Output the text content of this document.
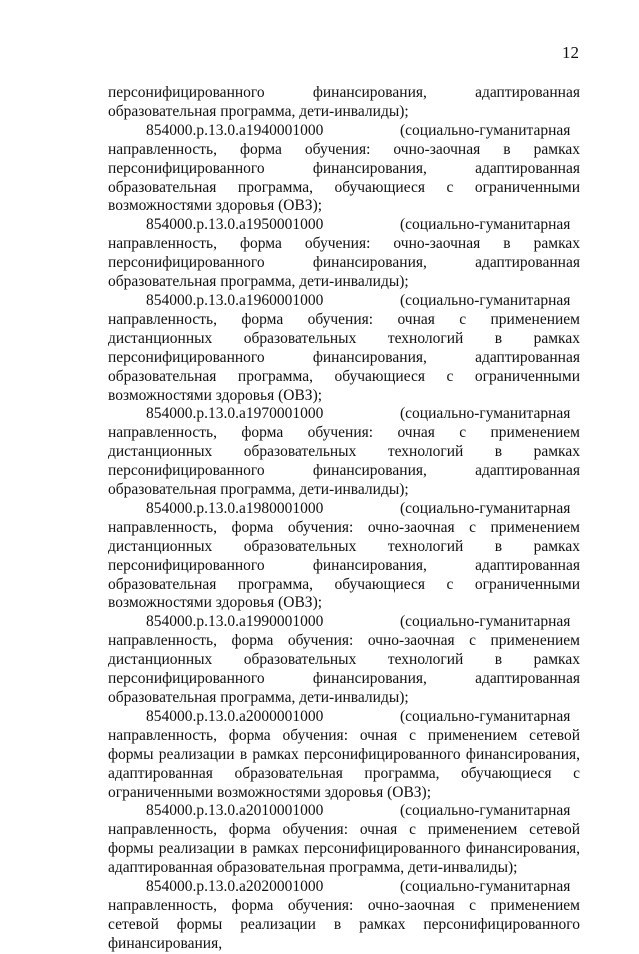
12

персонифицированного финансирования, адаптированная образовательная программа, дети-инвалиды);

854000.р.13.0.а1940001000	(социально-гуманитарная направленность, форма обучения: очно-заочная в рамках персонифицированного финансирования, адаптированная образовательная программа, обучающиеся с ограниченными возможностями здоровья (ОВЗ);

854000.р.13.0.а1950001000	(социально-гуманитарная направленность, форма обучения: очно-заочная в рамках персонифицированного финансирования, адаптированная образовательная программа, дети-инвалиды);

854000.р.13.0.а1960001000	(социально-гуманитарная направленность, форма обучения: очная с применением дистанционных образовательных технологий в рамках персонифицированного финансирования, адаптированная образовательная программа, обучающиеся с ограниченными возможностями здоровья (ОВЗ);

854000.р.13.0.а1970001000	(социально-гуманитарная направленность, форма обучения: очная с применением дистанционных образовательных технологий в рамках персонифицированного финансирования, адаптированная образовательная программа, дети-инвалиды);

854000.р.13.0.а1980001000	(социально-гуманитарная направленность, форма обучения: очно-заочная с применением дистанционных образовательных технологий в рамках персонифицированного финансирования, адаптированная образовательная программа, обучающиеся с ограниченными возможностями здоровья (ОВЗ);

854000.р.13.0.а1990001000	(социально-гуманитарная направленность, форма обучения: очно-заочная с применением дистанционных образовательных технологий в рамках персонифицированного финансирования, адаптированная образовательная программа, дети-инвалиды);

854000.р.13.0.а2000001000	(социально-гуманитарная направленность, форма обучения: очная с применением сетевой формы реализации в рамках персонифицированного финансирования, адаптированная образовательная программа, обучающиеся с ограниченными возможностями здоровья (ОВЗ);

854000.р.13.0.а2010001000	(социально-гуманитарная направленность, форма обучения: очная с применением сетевой формы реализации в рамках персонифицированного финансирования, адаптированная образовательная программа, дети-инвалиды);

854000.р.13.0.а2020001000	(социально-гуманитарная направленность, форма обучения: очно-заочная с применением сетевой формы реализации в рамках персонифицированного финансирования,
